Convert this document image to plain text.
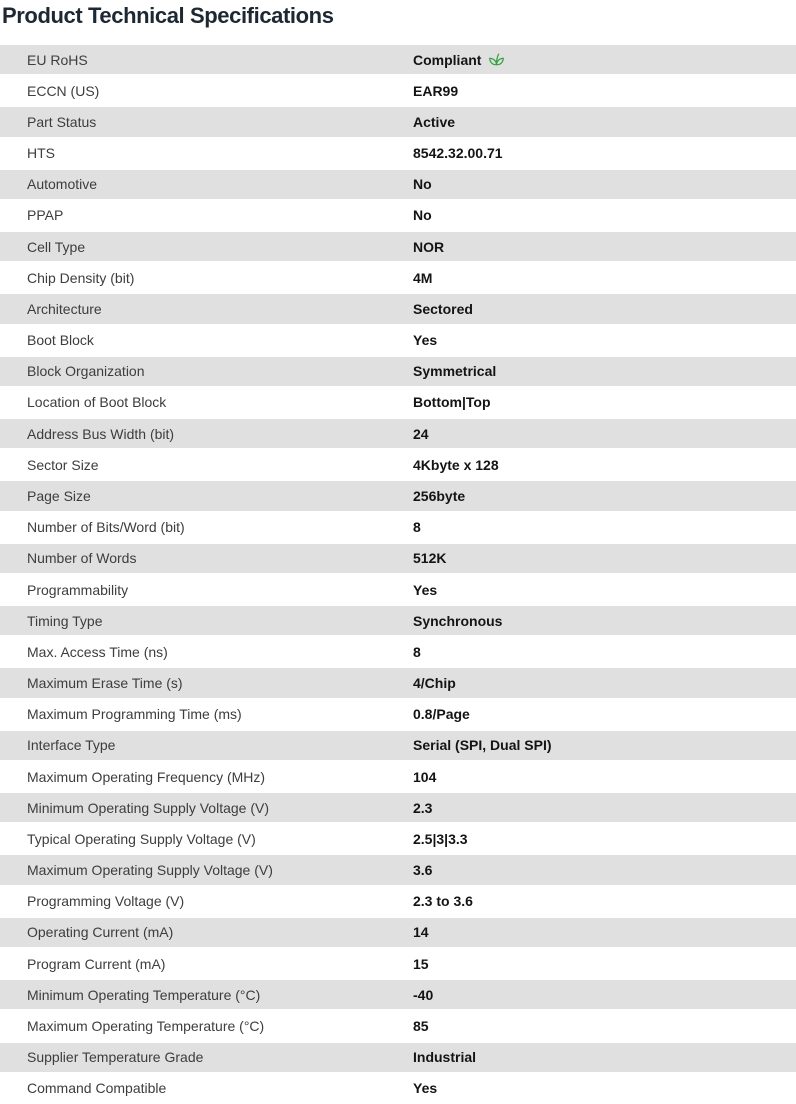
Product Technical Specifications
EU RoHS	Compliant
ECCN (US)	EAR99
Part Status	Active
HTS	8542.32.00.71
Automotive	No
PPAP	No
Cell Type	NOR
Chip Density (bit)	4M
Architecture	Sectored
Boot Block	Yes
Block Organization	Symmetrical
Location of Boot Block	Bottom|Top
Address Bus Width (bit)	24
Sector Size	4Kbyte x 128
Page Size	256byte
Number of Bits/Word (bit)	8
Number of Words	512K
Programmability	Yes
Timing Type	Synchronous
Max. Access Time (ns)	8
Maximum Erase Time (s)	4/Chip
Maximum Programming Time (ms)	0.8/Page
Interface Type	Serial (SPI, Dual SPI)
Maximum Operating Frequency (MHz)	104
Minimum Operating Supply Voltage (V)	2.3
Typical Operating Supply Voltage (V)	2.5|3|3.3
Maximum Operating Supply Voltage (V)	3.6
Programming Voltage (V)	2.3 to 3.6
Operating Current (mA)	14
Program Current (mA)	15
Minimum Operating Temperature (°C)	-40
Maximum Operating Temperature (°C)	85
Supplier Temperature Grade	Industrial
Command Compatible	Yes
